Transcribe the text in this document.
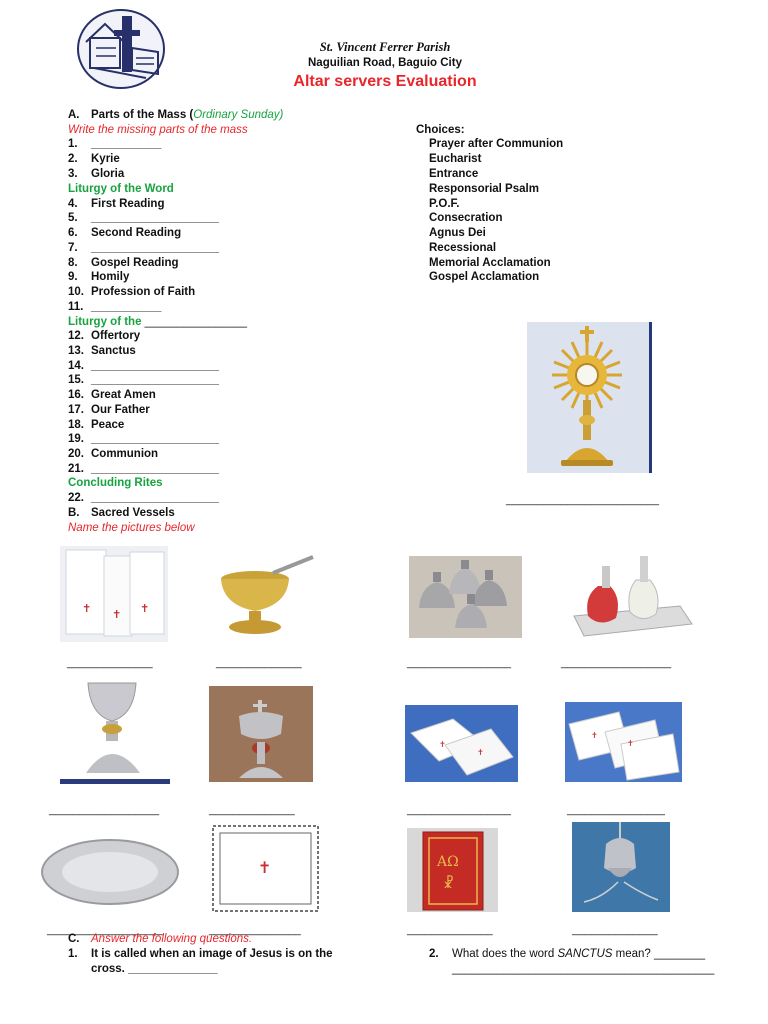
St. Vincent Ferrer Parish
Naguilian Road, Baguio City
Altar servers Evaluation
A. Parts of the Mass (Ordinary Sunday)
Write the missing parts of the mass
1.	___________
2.	Kyrie
3.	Gloria
Liturgy of the Word
4.	First Reading
5.	____________________
6.	Second Reading
7.	____________________
8.	Gospel Reading
9.	Homily
10. Profession of Faith
11. ___________
Liturgy of the ________________
12. Offertory
13. Sanctus
14. ____________________
15. ____________________
16. Great Amen
17. Our Father
18. Peace
19. ____________________
20. Communion
21. ____________________
Concluding Rites
22. ____________________
Choices:
Prayer after Communion
Eucharist
Entrance
Responsorial Psalm
P.O.F.
Consecration
Agnus Dei
Recessional
Memorial Acclamation
Gospel Acclamation
_________________________
B. Sacred Vessels
Name the pictures below
✝ ✝ ✝
______________	______________	_________________	__________________
✝
✝
✝
✝
__________________	______________	_________________	________________
✝	ΑΩ
☧
___________________	_______________	______________	______________
C. Answer the following questions.
1. It is called when an image of Jesus is on the
cross. ______________
2. What does the word SANCTUS mean? ________
_________________________________________
